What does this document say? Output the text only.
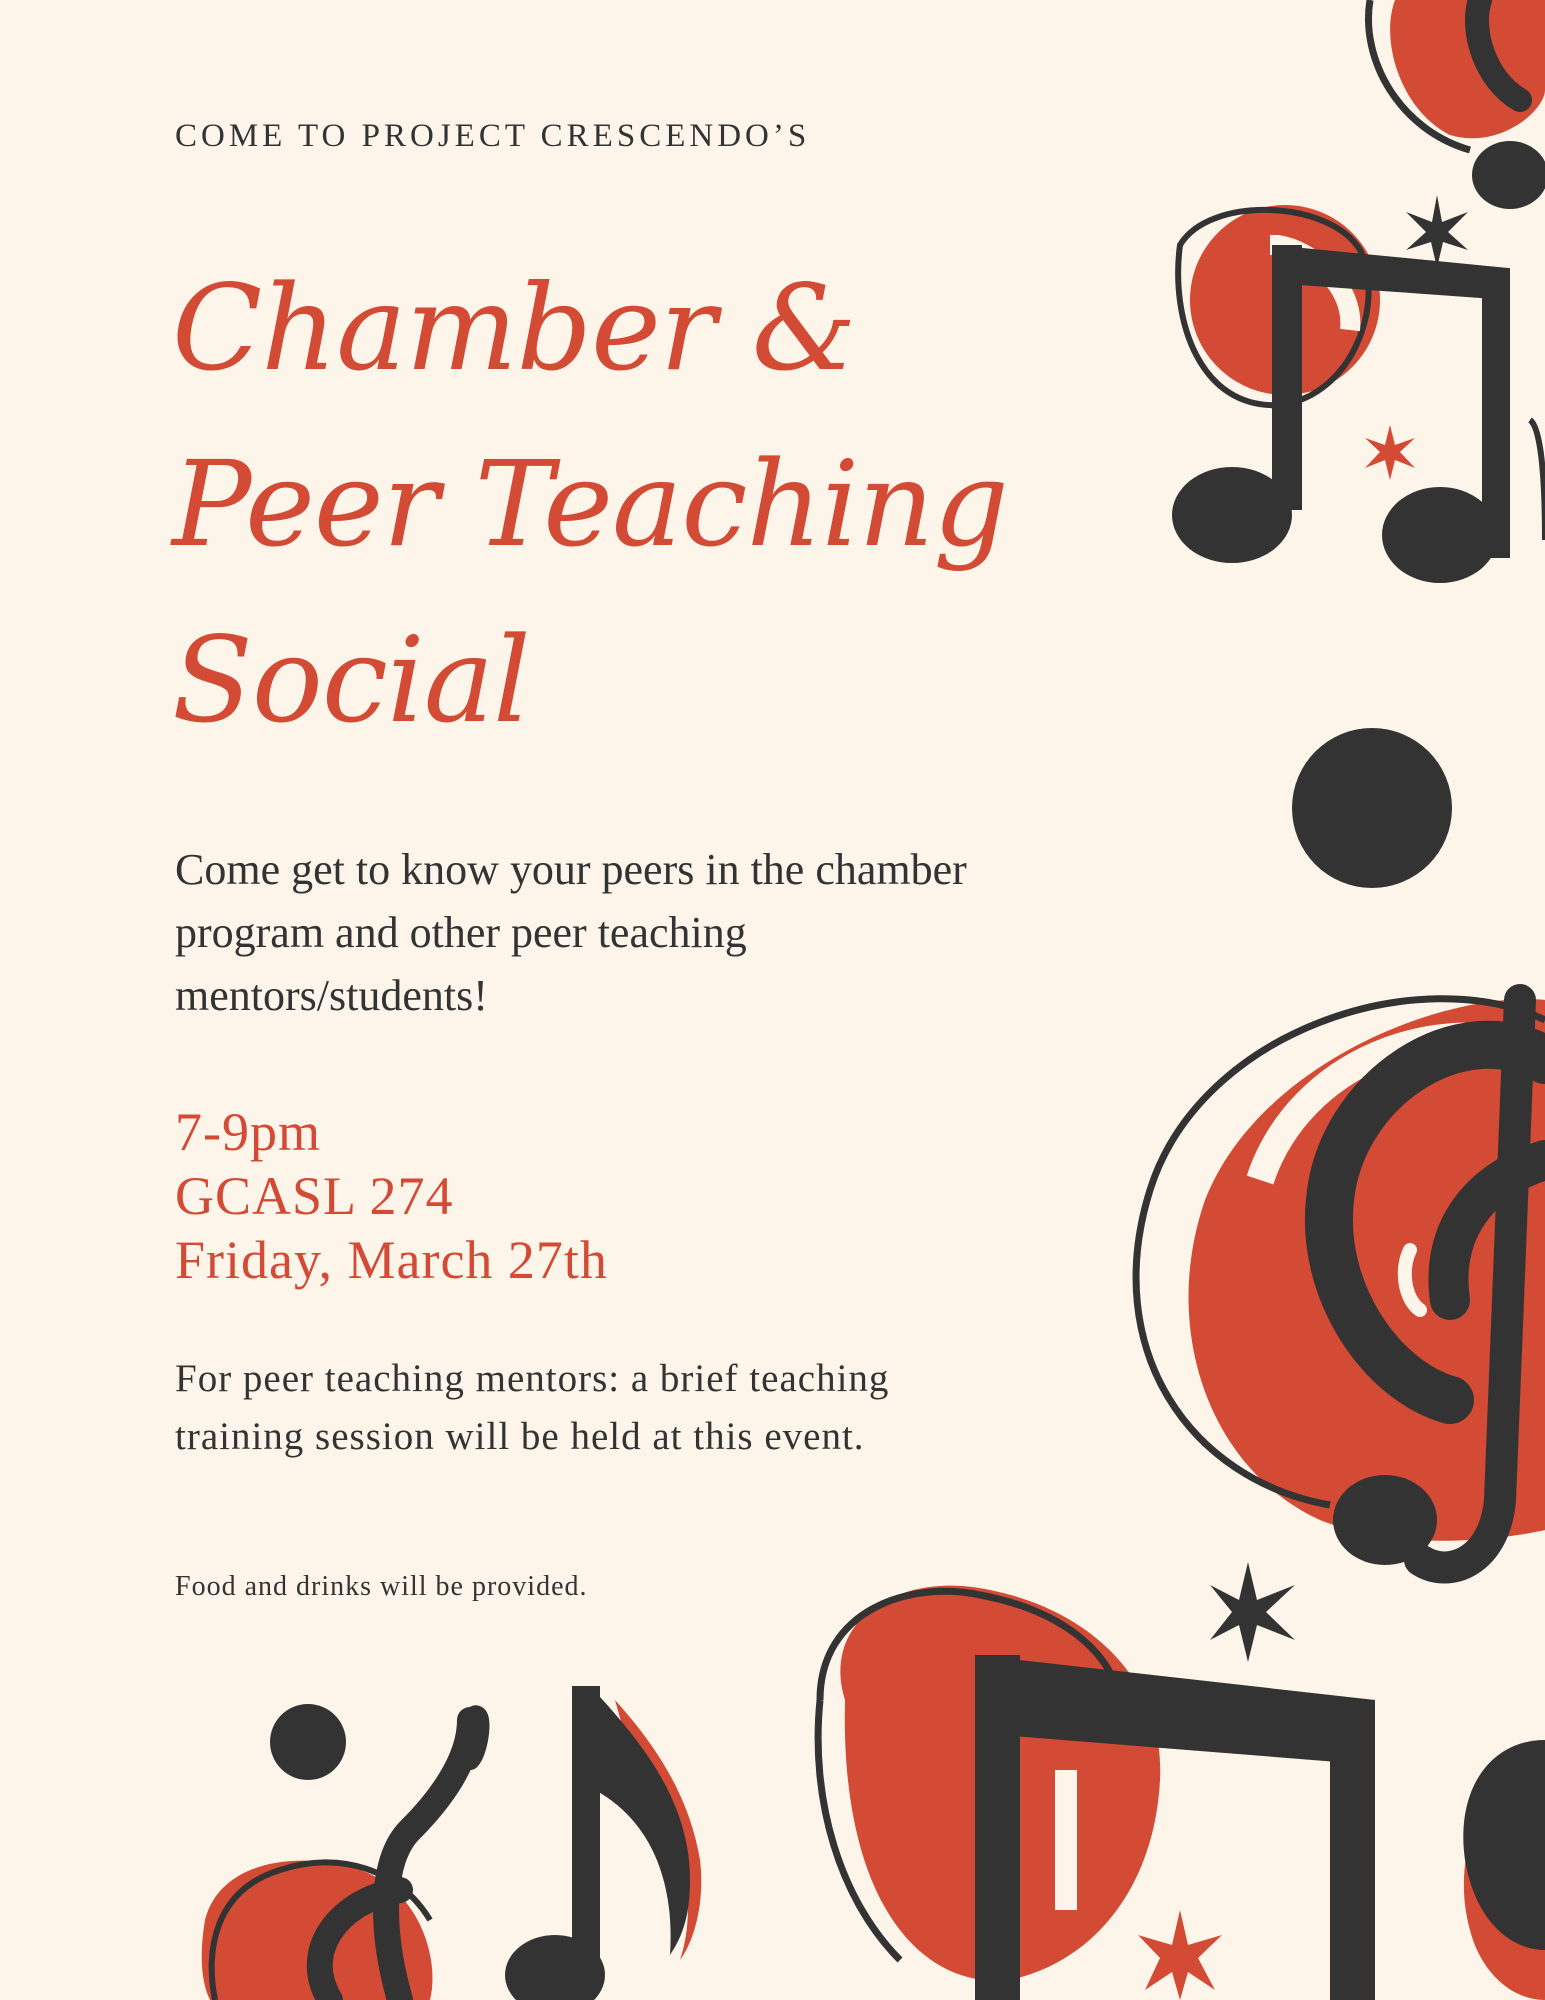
COME TO PROJECT CRESCENDO’S
Chamber &
Peer Teaching
Social

Come get to know your peers in the chamber program and other peer teaching mentors/students!

7-9pm
GCASL 274
Friday, March 27th

For peer teaching mentors: a brief teaching training session will be held at this event.

Food and drinks will be provided.
